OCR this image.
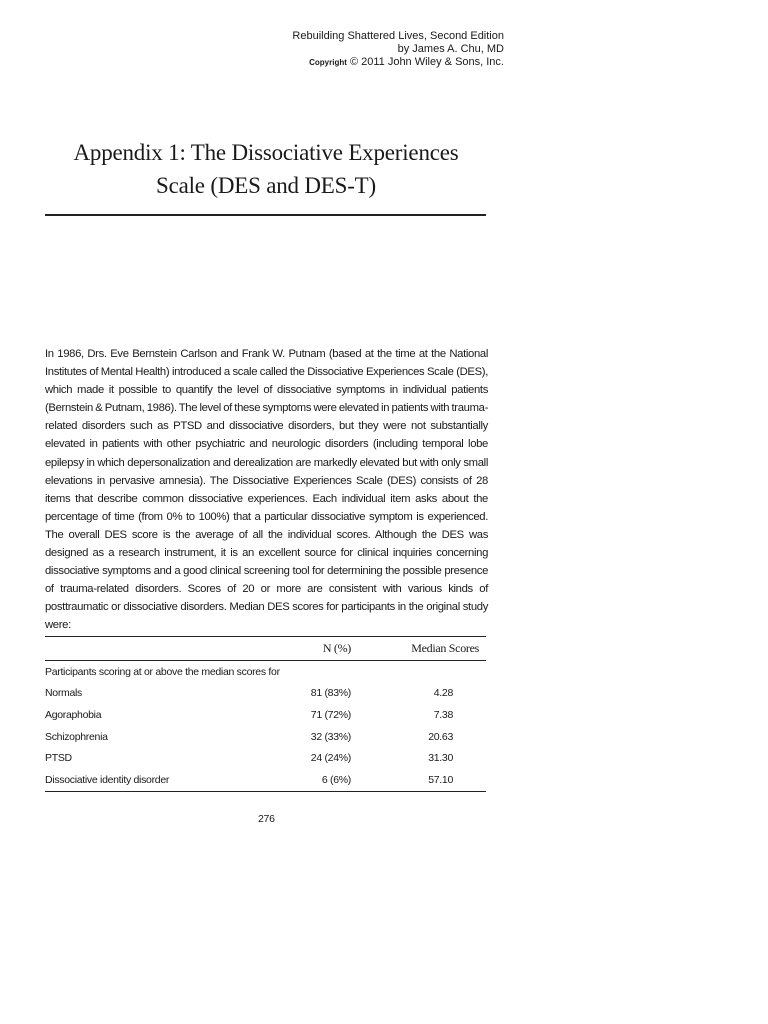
Rebuilding Shattered Lives, Second Edition
by James A. Chu, MD
Copyright © 2011 John Wiley & Sons, Inc.
Appendix 1: The Dissociative Experiences
Scale (DES and DES-T)

In 1986, Drs. Eve Bernstein Carlson and Frank W. Putnam (based at the time at the National Institutes of Mental Health) introduced a scale called the Dissociative Experiences Scale (DES), which made it possible to quantify the level of dissociative symptoms in individual patients (Bernstein & Putnam, 1986). The level of these symptoms were elevated in patients with trauma-related disorders such as PTSD and dissociative disorders, but they were not substantially elevated in patients with other psychiatric and neurologic disorders (including temporal lobe epilepsy in which depersonalization and derealization are markedly elevated but with only small elevations in pervasive amnesia). The Dissociative Experiences Scale (DES) consists of 28 items that describe common dissociative experiences. Each individual item asks about the percentage of time (from 0% to 100%) that a particular dissociative symptom is experienced. The overall DES score is the average of all the individual scores. Although the DES was designed as a research instrument, it is an excellent source for clinical inquiries concerning dissociative symptoms and a good clinical screening tool for determining the possible presence of trauma-related disorders. Scores of 20 or more are consistent with various kinds of posttraumatic or dissociative disorders. Median DES scores for participants in the original study were:

	N (%)	Median Scores
Participants scoring at or above the median scores for		
Normals	81 (83%)	4.28
Agoraphobia	71 (72%)	7.38
Schizophrenia	32 (33%)	20.63
PTSD	24 (24%)	31.30
Dissociative identity disorder	6 (6%)	57.10
276
